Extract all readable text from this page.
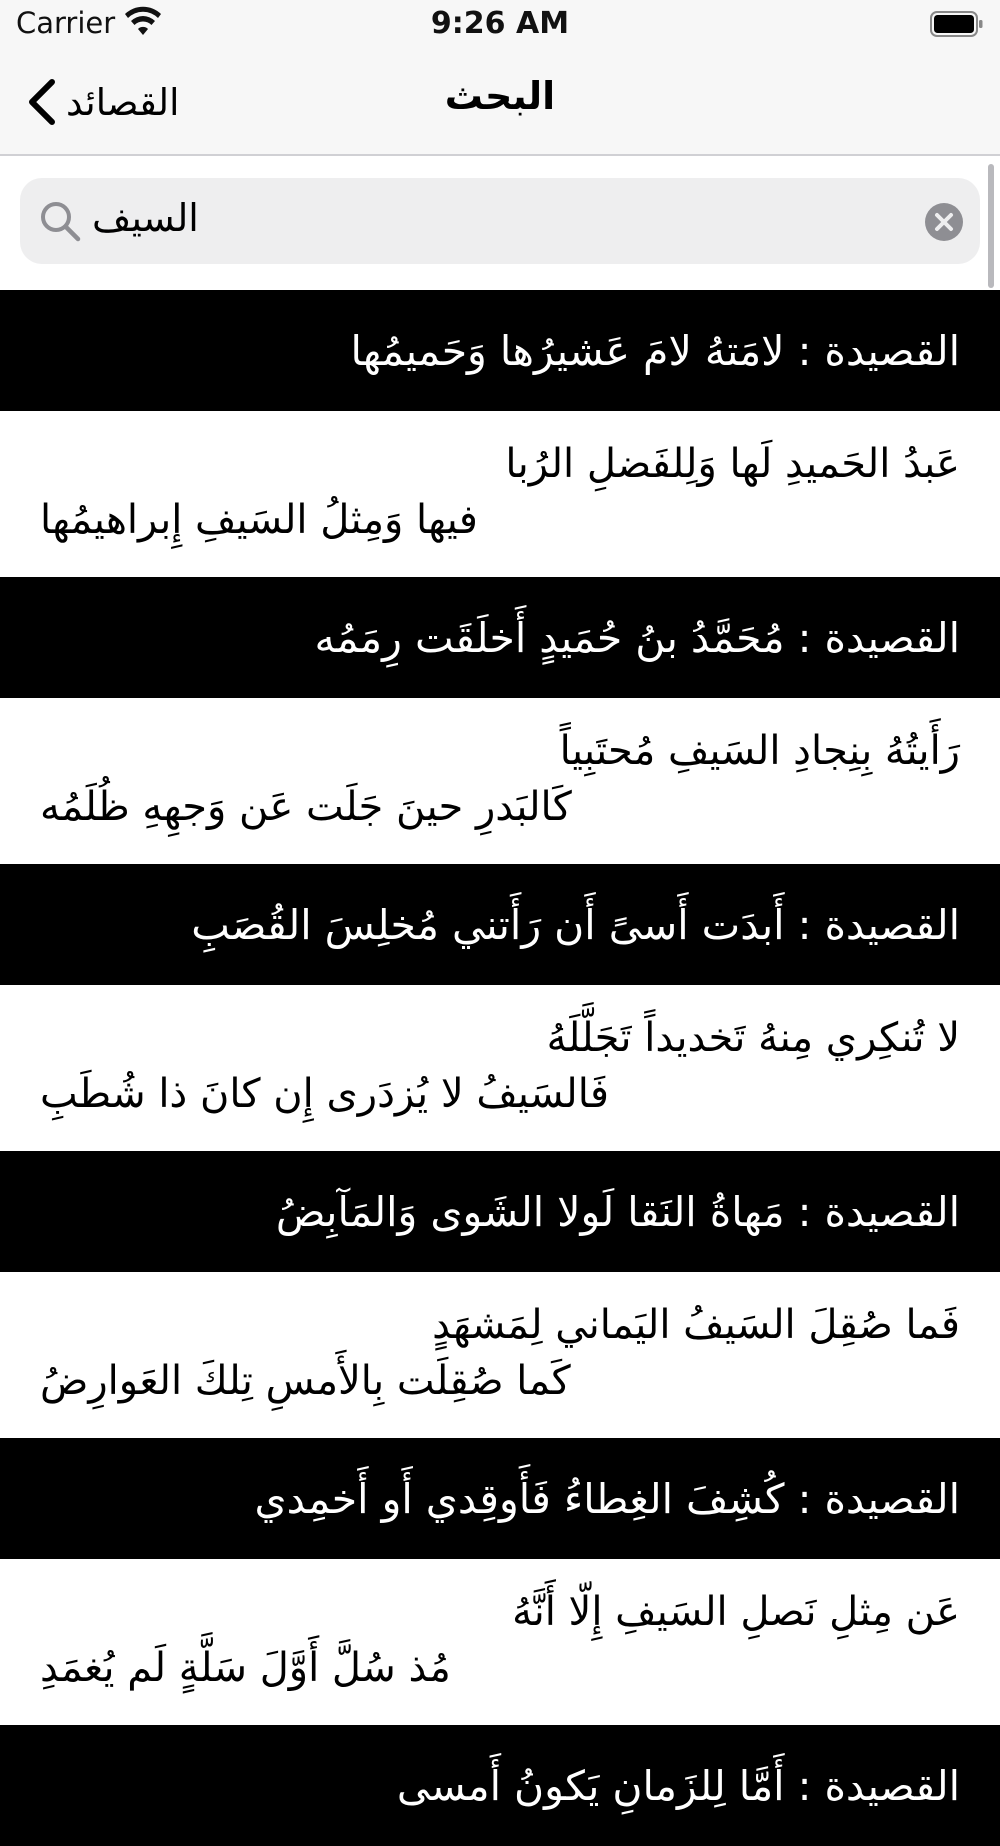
Carrier	9:26 AM
القصائد	البحث
السيف
القصيدة : لامَتهُ لامَ عَشيرُها وَحَميمُها
عَبدُ الحَميدِ لَها وَلِلفَضلِ الرُبا
فيها وَمِثلُ السَيفِ إِبراهيمُها
القصيدة : مُحَمَّدُ بنُ حُمَيدٍ أَخلَقَت رِمَمُه
رَأَيتُهُ بِنِجادِ السَيفِ مُحتَبِياً
كَالبَدرِ حينَ جَلَت عَن وَجهِهِ ظُلَمُه
القصيدة : أَبدَت أَسىً أَن رَأَتني مُخلِسَ القُصَبِ
لا تُنكِري مِنهُ تَخديداً تَجَلَّلَهُ
فَالسَيفُ لا يُزدَرى إِن كانَ ذا شُطَبِ
القصيدة : مَهاةُ النَقا لَولا الشَوى وَالمَآبِضُ
فَما صُقِلَ السَيفُ اليَماني لِمَشهَدٍ
كَما صُقِلَت بِالأَمسِ تِلكَ العَوارِضُ
القصيدة : كُشِفَ الغِطاءُ فَأَوقِدي أَو أَخمِدي
عَن مِثلِ نَصلِ السَيفِ إِلّا أَنَّهُ
مُذ سُلَّ أَوَّلَ سَلَّةٍ لَم يُغمَدِ
القصيدة : أَمَّا لِلزَمانِ يَكونُ أَمسى
